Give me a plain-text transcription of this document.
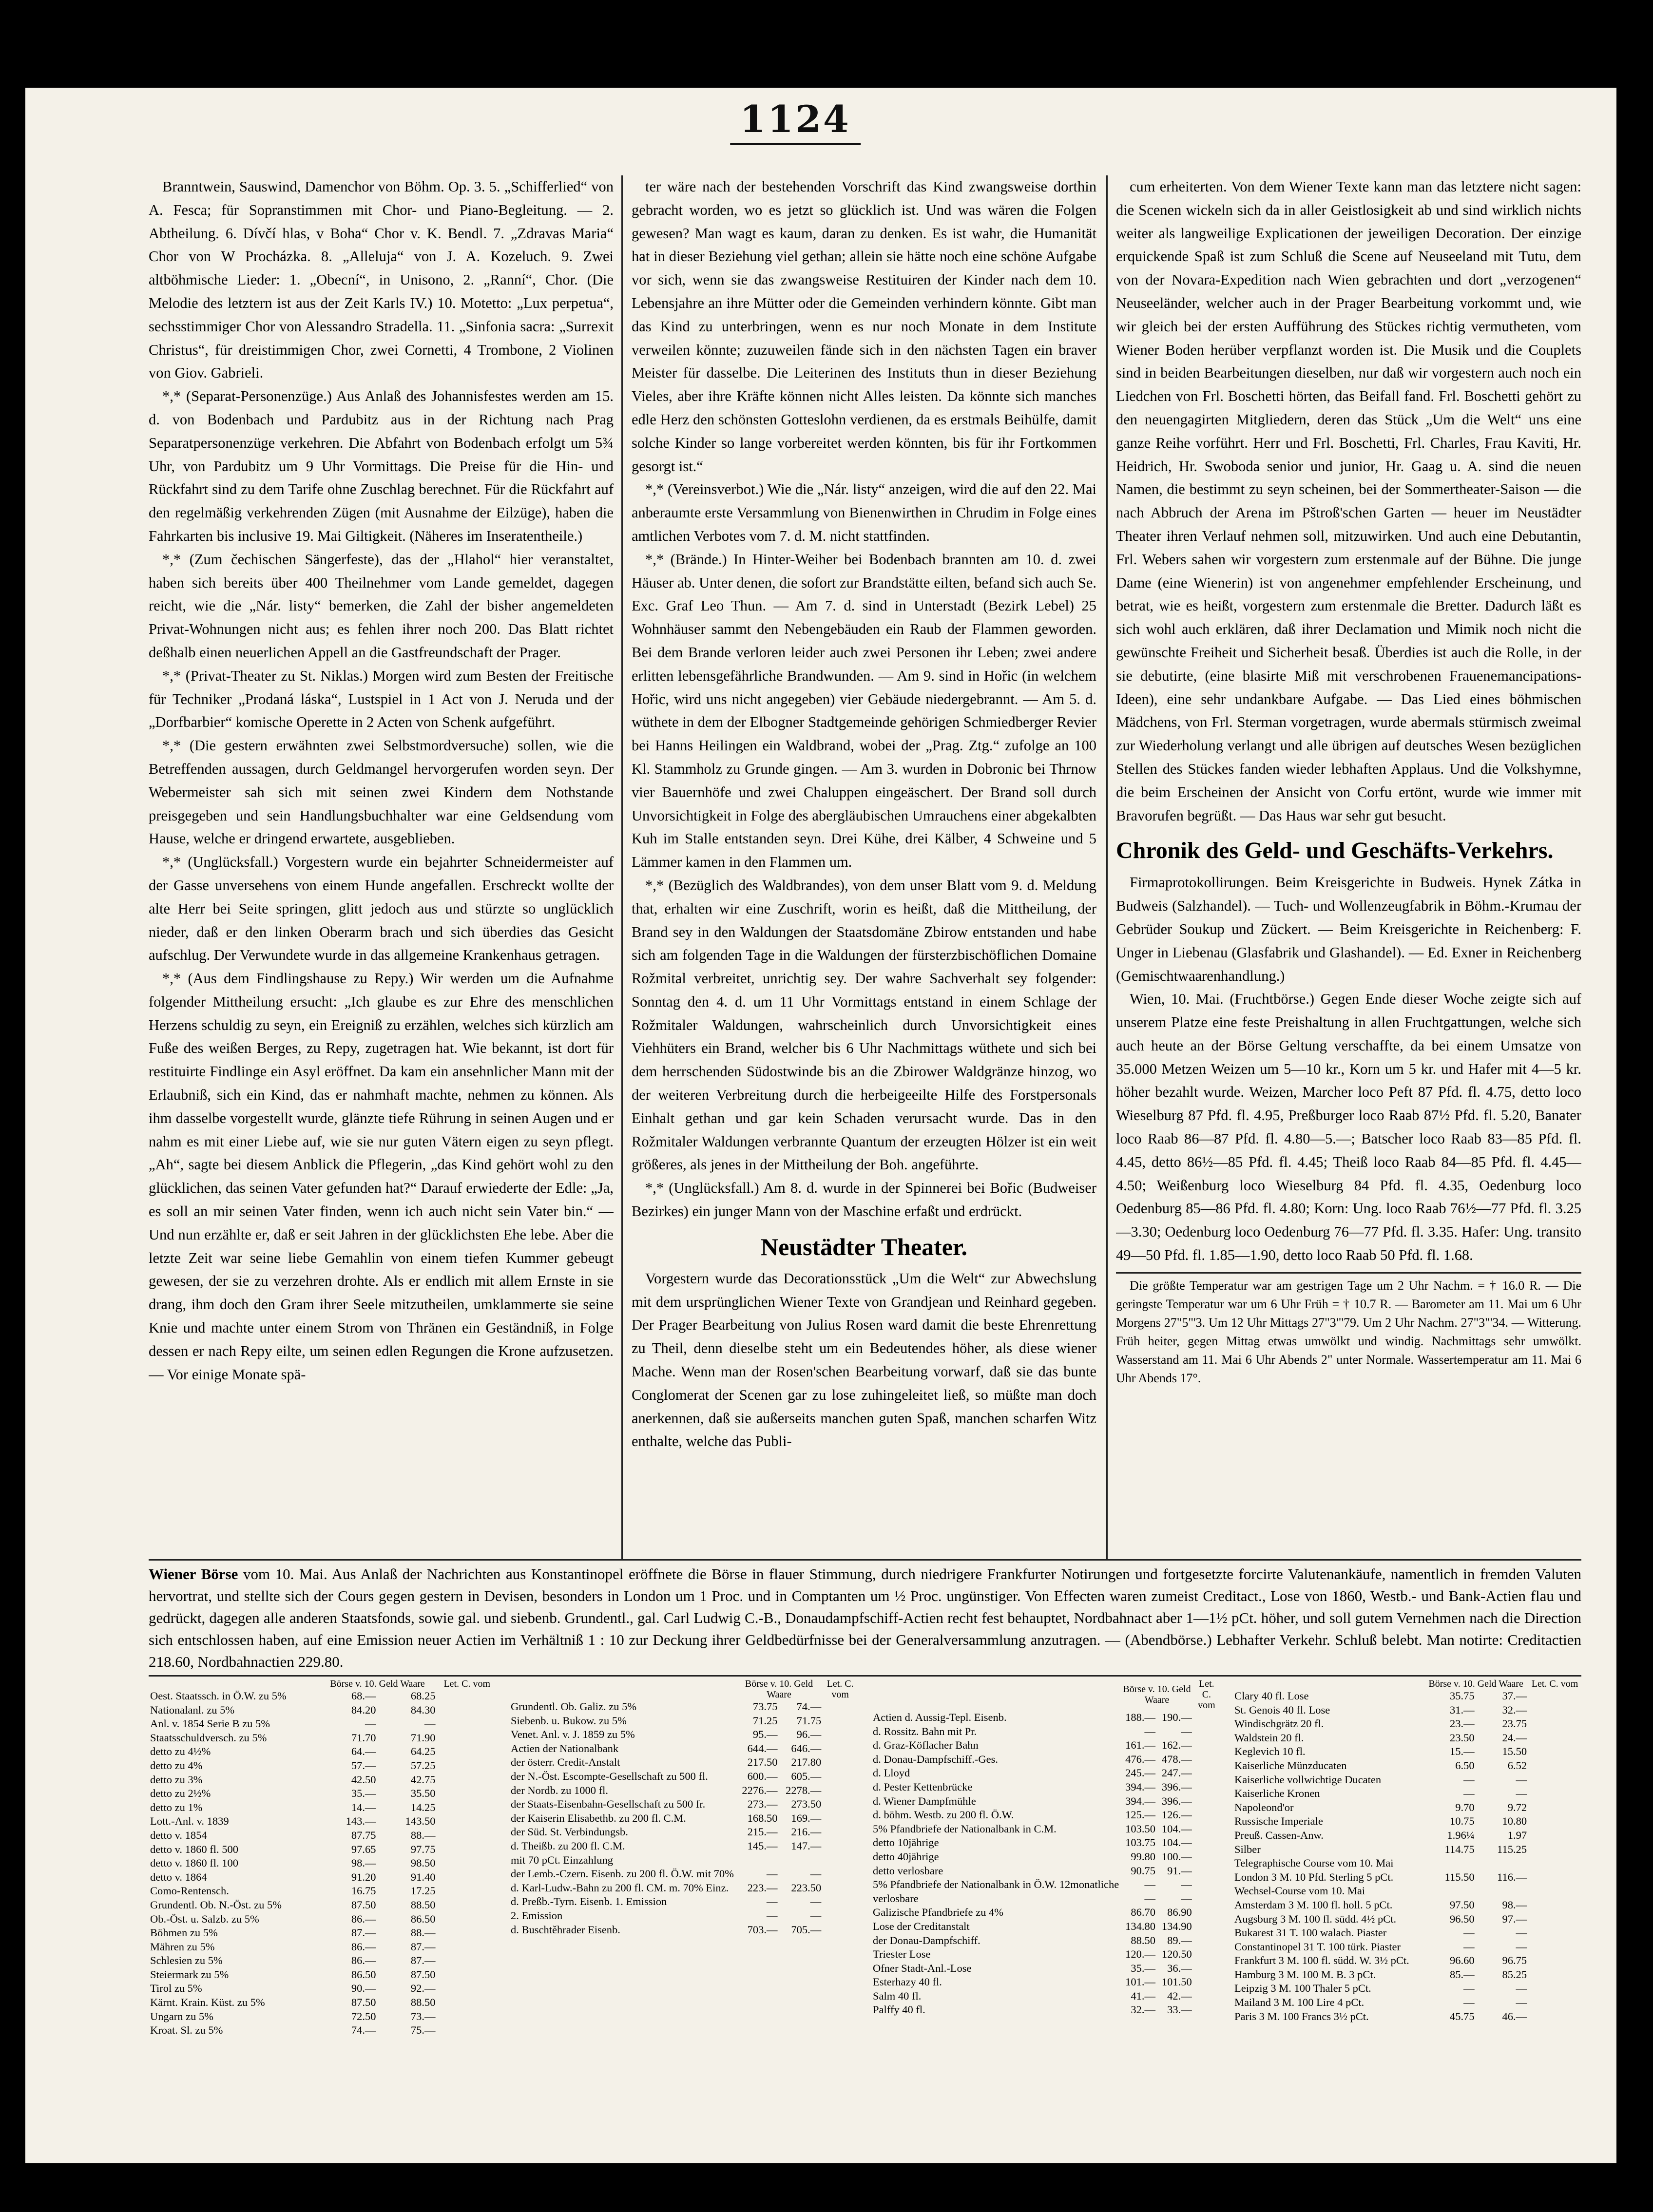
1124

Branntwein, Sauswind, Damenchor von Böhm. Op. 3. 5. „Schifferlied“ von A. Fesca; für Sopranstimmen mit Chor- und Piano-Begleitung. — 2. Abtheilung. 6. Dívčí hlas, v Boha“ Chor v. K. Bendl. 7. „Zdravas Maria“ Chor von W Procházka. 8. „Alleluja“ von J. A. Kozeluch. 9. Zwei altböhmische Lieder: 1. „Obecní“, in Unisono, 2. „Ranní“, Chor. (Die Melodie des letztern ist aus der Zeit Karls IV.) 10. Motetto: „Lux perpetua“, sechsstimmiger Chor von Alessandro Stradella. 11. „Sinfonia sacra: „Surrexit Christus“, für dreistimmigen Chor, zwei Cornetti, 4 Trombone, 2 Violinen von Giov. Gabrieli.

*,* (Separat-Personenzüge.) Aus Anlaß des Johannisfestes werden am 15. d. von Bodenbach und Pardubitz aus in der Richtung nach Prag Separatpersonenzüge verkehren. Die Abfahrt von Bodenbach erfolgt um 5¾ Uhr, von Pardubitz um 9 Uhr Vormittags. Die Preise für die Hin- und Rückfahrt sind zu dem Tarife ohne Zuschlag berechnet. Für die Rückfahrt auf den regelmäßig verkehrenden Zügen (mit Ausnahme der Eilzüge), haben die Fahrkarten bis inclusive 19. Mai Giltigkeit. (Näheres im Inseratentheile.)

*,* (Zum čechischen Sängerfeste), das der „Hlahol“ hier veranstaltet, haben sich bereits über 400 Theilnehmer vom Lande gemeldet, dagegen reicht, wie die „Nár. listy“ bemerken, die Zahl der bisher angemeldeten Privat-Wohnungen nicht aus; es fehlen ihrer noch 200. Das Blatt richtet deßhalb einen neuerlichen Appell an die Gastfreundschaft der Prager.

*,* (Privat-Theater zu St. Niklas.) Morgen wird zum Besten der Freitische für Techniker „Prodaná láska“, Lustspiel in 1 Act von J. Neruda und der „Dorfbarbier“ komische Operette in 2 Acten von Schenk aufgeführt.

*,* (Die gestern erwähnten zwei Selbstmordversuche) sollen, wie die Betreffenden aussagen, durch Geldmangel hervorgerufen worden seyn. Der Webermeister sah sich mit seinen zwei Kindern dem Nothstande preisgegeben und sein Handlungsbuchhalter war eine Geldsendung vom Hause, welche er dringend erwartete, ausgeblieben.

*,* (Unglücksfall.) Vorgestern wurde ein bejahrter Schneidermeister auf der Gasse unversehens von einem Hunde angefallen. Erschreckt wollte der alte Herr bei Seite springen, glitt jedoch aus und stürzte so unglücklich nieder, daß er den linken Oberarm brach und sich überdies das Gesicht aufschlug. Der Verwundete wurde in das allgemeine Krankenhaus getragen.

*,* (Aus dem Findlingshause zu Repy.) Wir werden um die Aufnahme folgender Mittheilung ersucht: „Ich glaube es zur Ehre des menschlichen Herzens schuldig zu seyn, ein Ereigniß zu erzählen, welches sich kürzlich am Fuße des weißen Berges, zu Repy, zugetragen hat. Wie bekannt, ist dort für restituirte Findlinge ein Asyl eröffnet. Da kam ein ansehnlicher Mann mit der Erlaubniß, sich ein Kind, das er nahmhaft machte, nehmen zu können. Als ihm dasselbe vorgestellt wurde, glänzte tiefe Rührung in seinen Augen und er nahm es mit einer Liebe auf, wie sie nur guten Vätern eigen zu seyn pflegt. „Ah“, sagte bei diesem Anblick die Pflegerin, „das Kind gehört wohl zu den glücklichen, das seinen Vater gefunden hat?“ Darauf erwiederte der Edle: „Ja, es soll an mir seinen Vater finden, wenn ich auch nicht sein Vater bin.“ — Und nun erzählte er, daß er seit Jahren in der glücklichsten Ehe lebe. Aber die letzte Zeit war seine liebe Gemahlin von einem tiefen Kummer gebeugt gewesen, der sie zu verzehren drohte. Als er endlich mit allem Ernste in sie drang, ihm doch den Gram ihrer Seele mitzutheilen, umklammerte sie seine Knie und machte unter einem Strom von Thränen ein Geständniß, in Folge dessen er nach Repy eilte, um seinen edlen Regungen die Krone aufzusetzen. — Vor einige Monate spä-

ter wäre nach der bestehenden Vorschrift das Kind zwangsweise dorthin gebracht worden, wo es jetzt so glücklich ist. Und was wären die Folgen gewesen? Man wagt es kaum, daran zu denken. Es ist wahr, die Humanität hat in dieser Beziehung viel gethan; allein sie hätte noch eine schöne Aufgabe vor sich, wenn sie das zwangsweise Restituiren der Kinder nach dem 10. Lebensjahre an ihre Mütter oder die Gemeinden verhindern könnte. Gibt man das Kind zu unterbringen, wenn es nur noch Monate in dem Institute verweilen könnte; zuzuweilen fände sich in den nächsten Tagen ein braver Meister für dasselbe. Die Leiterinen des Instituts thun in dieser Beziehung Vieles, aber ihre Kräfte können nicht Alles leisten. Da könnte sich manches edle Herz den schönsten Gotteslohn verdienen, da es erstmals Beihülfe, damit solche Kinder so lange vorbereitet werden könnten, bis für ihr Fortkommen gesorgt ist.“

*,* (Vereinsverbot.) Wie die „Nár. listy“ anzeigen, wird die auf den 22. Mai anberaumte erste Versammlung von Bienenwirthen in Chrudim in Folge eines amtlichen Verbotes vom 7. d. M. nicht stattfinden.

*,* (Brände.) In Hinter-Weiher bei Bodenbach brannten am 10. d. zwei Häuser ab. Unter denen, die sofort zur Brandstätte eilten, befand sich auch Se. Exc. Graf Leo Thun. — Am 7. d. sind in Unterstadt (Bezirk Lebel) 25 Wohnhäuser sammt den Nebengebäuden ein Raub der Flammen geworden. Bei dem Brande verloren leider auch zwei Personen ihr Leben; zwei andere erlitten lebensgefährliche Brandwunden. — Am 9. sind in Hořic (in welchem Hořic, wird uns nicht angegeben) vier Gebäude niedergebrannt. — Am 5. d. wüthete in dem der Elbogner Stadtgemeinde gehörigen Schmiedberger Revier bei Hanns Heilingen ein Waldbrand, wobei der „Prag. Ztg.“ zufolge an 100 Kl. Stammholz zu Grunde gingen. — Am 3. wurden in Dobronic bei Thrnow vier Bauernhöfe und zwei Chaluppen eingeäschert. Der Brand soll durch Unvorsichtigkeit in Folge des abergläubischen Umrauchens einer abgekalbten Kuh im Stalle entstanden seyn. Drei Kühe, drei Kälber, 4 Schweine und 5 Lämmer kamen in den Flammen um.

*,* (Bezüglich des Waldbrandes), von dem unser Blatt vom 9. d. Meldung that, erhalten wir eine Zuschrift, worin es heißt, daß die Mittheilung, der Brand sey in den Waldungen der Staatsdomäne Zbirow entstanden und habe sich am folgenden Tage in die Waldungen der fürsterzbischöflichen Domaine Rožmital verbreitet, unrichtig sey. Der wahre Sachverhalt sey folgender: Sonntag den 4. d. um 11 Uhr Vormittags entstand in einem Schlage der Rožmitaler Waldungen, wahrscheinlich durch Unvorsichtigkeit eines Viehhüters ein Brand, welcher bis 6 Uhr Nachmittags wüthete und sich bei dem herrschenden Südostwinde bis an die Zbirower Waldgränze hinzog, wo der weiteren Verbreitung durch die herbeigeeilte Hilfe des Forstpersonals Einhalt gethan und gar kein Schaden verursacht wurde. Das in den Rožmitaler Waldungen verbrannte Quantum der erzeugten Hölzer ist ein weit größeres, als jenes in der Mittheilung der Boh. angeführte.

*,* (Unglücksfall.) Am 8. d. wurde in der Spinnerei bei Bořic (Budweiser Bezirkes) ein junger Mann von der Maschine erfaßt und erdrückt.

Neustädter Theater.

Vorgestern wurde das Decorationsstück „Um die Welt“ zur Abwechslung mit dem ursprünglichen Wiener Texte von Grandjean und Reinhard gegeben. Der Prager Bearbeitung von Julius Rosen ward damit die beste Ehrenrettung zu Theil, denn dieselbe steht um ein Bedeutendes höher, als diese wiener Mache. Wenn man der Rosen'schen Bearbeitung vorwarf, daß sie das bunte Conglomerat der Scenen gar zu lose zuhingeleitet ließ, so müßte man doch anerkennen, daß sie außerseits manchen guten Spaß, manchen scharfen Witz enthalte, welche das Publi-

cum erheiterten. Von dem Wiener Texte kann man das letztere nicht sagen: die Scenen wickeln sich da in aller Geistlosigkeit ab und sind wirklich nichts weiter als langweilige Explicationen der jeweiligen Decoration. Der einzige erquickende Spaß ist zum Schluß die Scene auf Neuseeland mit Tutu, dem von der Novara-Expedition nach Wien gebrachten und dort „verzogenen“ Neuseeländer, welcher auch in der Prager Bearbeitung vorkommt und, wie wir gleich bei der ersten Aufführung des Stückes richtig vermutheten, vom Wiener Boden herüber verpflanzt worden ist. Die Musik und die Couplets sind in beiden Bearbeitungen dieselben, nur daß wir vorgestern auch noch ein Liedchen von Frl. Boschetti hörten, das Beifall fand. Frl. Boschetti gehört zu den neuengagirten Mitgliedern, deren das Stück „Um die Welt“ uns eine ganze Reihe vorführt. Herr und Frl. Boschetti, Frl. Charles, Frau Kaviti, Hr. Heidrich, Hr. Swoboda senior und junior, Hr. Gaag u. A. sind die neuen Namen, die bestimmt zu seyn scheinen, bei der Sommertheater-Saison — die nach Abbruch der Arena im Pštroß'schen Garten — heuer im Neustädter Theater ihren Verlauf nehmen soll, mitzuwirken. Und auch eine Debutantin, Frl. Webers sahen wir vorgestern zum erstenmale auf der Bühne. Die junge Dame (eine Wienerin) ist von angenehmer empfehlender Erscheinung, und betrat, wie es heißt, vorgestern zum erstenmale die Bretter. Dadurch läßt es sich wohl auch erklären, daß ihrer Declamation und Mimik noch nicht die gewünschte Freiheit und Sicherheit besaß. Überdies ist auch die Rolle, in der sie debutirte, (eine blasirte Miß mit verschrobenen Frauenemancipations-Ideen), eine sehr undankbare Aufgabe. — Das Lied eines böhmischen Mädchens, von Frl. Sterman vorgetragen, wurde abermals stürmisch zweimal zur Wiederholung verlangt und alle übrigen auf deutsches Wesen bezüglichen Stellen des Stückes fanden wieder lebhaften Applaus. Und die Volkshymne, die beim Erscheinen der Ansicht von Corfu ertönt, wurde wie immer mit Bravorufen begrüßt. — Das Haus war sehr gut besucht.

Chronik des Geld- und Geschäfts-Verkehrs.

Firmaprotokollirungen. Beim Kreisgerichte in Budweis. Hynek Zátka in Budweis (Salzhandel). — Tuch- und Wollenzeugfabrik in Böhm.-Krumau der Gebrüder Soukup und Zückert. — Beim Kreisgerichte in Reichenberg: F. Unger in Liebenau (Glasfabrik und Glashandel). — Ed. Exner in Reichenberg (Gemischtwaarenhandlung.)

Wien, 10. Mai. (Fruchtbörse.) Gegen Ende dieser Woche zeigte sich auf unserem Platze eine feste Preishaltung in allen Fruchtgattungen, welche sich auch heute an der Börse Geltung verschaffte, da bei einem Umsatze von 35.000 Metzen Weizen um 5—10 kr., Korn um 5 kr. und Hafer mit 4—5 kr. höher bezahlt wurde. Weizen, Marcher loco Peft 87 Pfd. fl. 4.75, detto loco Wieselburg 87 Pfd. fl. 4.95, Preßburger loco Raab 87½ Pfd. fl. 5.20, Banater loco Raab 86—87 Pfd. fl. 4.80—5.—; Batscher loco Raab 83—85 Pfd. fl. 4.45, detto 86½—85 Pfd. fl. 4.45; Theiß loco Raab 84—85 Pfd. fl. 4.45—4.50; Weißenburg loco Wieselburg 84 Pfd. fl. 4.35, Oedenburg loco Oedenburg 85—86 Pfd. fl. 4.80; Korn: Ung. loco Raab 76½—77 Pfd. fl. 3.25—3.30; Oedenburg loco Oedenburg 76—77 Pfd. fl. 3.35. Hafer: Ung. transito 49—50 Pfd. fl. 1.85—1.90, detto loco Raab 50 Pfd. fl. 1.68.

Die größte Temperatur war am gestrigen Tage um 2 Uhr Nachm. = † 16.0 R. — Die geringste Temperatur war um 6 Uhr Früh = † 10.7 R. — Barometer am 11. Mai um 6 Uhr Morgens 27"5"'3. Um 12 Uhr Mittags 27"3"'79. Um 2 Uhr Nachm. 27"3"'34. — Witterung. Früh heiter, gegen Mittag etwas umwölkt und windig. Nachmittags sehr umwölkt. Wasserstand am 11. Mai 6 Uhr Abends 2" unter Normale. Wassertemperatur am 11. Mai 6 Uhr Abends 17°.

Wiener Börse vom 10. Mai. Aus Anlaß der Nachrichten aus Konstantinopel eröffnete die Börse in flauer Stimmung, durch niedrigere Frankfurter Notirungen und fortgesetzte forcirte Valutenankäufe, namentlich in fremden Valuten hervortrat, und stellte sich der Cours gegen gestern in Devisen, besonders in London um 1 Proc. und in Comptanten um ½ Proc. ungünstiger. Von Effecten waren zumeist Creditact., Lose von 1860, Westb.- und Bank-Actien flau und gedrückt, dagegen alle anderen Staatsfonds, sowie gal. und siebenb. Grundentl., gal. Carl Ludwig C.-B., Donaudampfschiff-Actien recht fest behauptet, Nordbahnact aber 1—1½ pCt. höher, und soll gutem Vernehmen nach die Direction sich entschlossen haben, auf eine Emission neuer Actien im Verhältniß 1 : 10 zur Deckung ihrer Geldbedürfnisse bei der Generalversammlung anzutragen. — (Abendbörse.) Lebhafter Verkehr. Schluß belebt. Man notirte: Creditactien 218.60, Nordbahnactien 229.80.
	Börse v. 10. Geld Waare		Let. C. vom
Oest. Staatssch. in Ö.W. zu 5%	68.—	68.25	
Nationalanl. zu 5%	84.20	84.30	
Anl. v. 1854 Serie B zu 5%	—	—	
Staatsschuldversch. zu 5%	71.70	71.90	
detto zu 4½%	64.—	64.25	
detto zu 4%	57.—	57.25	
detto zu 3%	42.50	42.75	
detto zu 2½%	35.—	35.50	
detto zu 1%	14.—	14.25	
Lott.-Anl. v. 1839	143.—	143.50	
detto v. 1854	87.75	88.—	
detto v. 1860 fl. 500	97.65	97.75	
detto v. 1860 fl. 100	98.—	98.50	
detto v. 1864	91.20	91.40	
Como-Rentensch.	16.75	17.25	

Grundentl. Ob. N.-Öst. zu 5%	87.50	88.50	
Ob.-Öst. u. Salzb. zu 5%	86.—	86.50	
Böhmen zu 5%	87.—	88.—	
Mähren zu 5%	86.—	87.—	
Schlesien zu 5%	86.—	87.—	
Steiermark zu 5%	86.50	87.50	
Tirol zu 5%	90.—	92.—	
Kärnt. Krain. Küst. zu 5%	87.50	88.50	
Ungarn zu 5%	72.50	73.—	
Kroat. Sl. zu 5%	74.—	75.—	
	Börse v. 10. Geld Waare		Let. C. vom
Grundentl. Ob. Galiz. zu 5%	73.75	74.—	
Siebenb. u. Bukow. zu 5%	71.25	71.75	
Venet. Anl. v. J. 1859 zu 5%	95.—	96.—	

Actien der Nationalbank	644.—	646.—	
der österr. Credit-Anstalt	217.50	217.80	
der N.-Öst. Escompte-Gesellschaft zu 500 fl.	600.—	605.—	
der Nordb. zu 1000 fl.	2276.—	2278.—	
der Staats-Eisenbahn-Gesellschaft zu 500 fr.	273.—	273.50	
der Kaiserin Elisabethb. zu 200 fl. C.M.	168.50	169.—	
der Süd. St. Verbindungsb.	215.—	216.—	
d. Theißb. zu 200 fl. C.M.	145.—	147.—	
mit 70 pCt. Einzahlung			
der Lemb.-Czern. Eisenb. zu 200 fl. Ö.W. mit 70%	—	—	
d. Karl-Ludw.-Bahn zu 200 fl. CM. m. 70% Einz.	223.—	223.50	
d. Preßb.-Tyrn. Eisenb. 1. Emission	—	—	
2. Emission	—	—	
d. Buschtěhrader Eisenb.	703.—	705.—	
	Börse v. 10. Geld Waare		Let. C. vom
Actien d. Aussig-Tepl. Eisenb.	188.—	190.—	
d. Rossitz. Bahn mit Pr.	—	—	
d. Graz-Köflacher Bahn	161.—	162.—	
d. Donau-Dampfschiff.-Ges.	476.—	478.—	
d. Lloyd	245.—	247.—	
d. Pester Kettenbrücke	394.—	396.—	
d. Wiener Dampfmühle	394.—	396.—	
d. böhm. Westb. zu 200 fl. Ö.W.	125.—	126.—	
5% Pfandbriefe der Nationalbank in C.M.	103.50	104.—	
detto 10jährige	103.75	104.—	
detto 40jährige	99.80	100.—	
detto verlosbare	90.75	91.—	
5% Pfandbriefe der Nationalbank in Ö.W. 12monatliche	—	—	
verlosbare	—	—	
Galizische Pfandbriefe zu 4%	86.70	86.90	
Lose der Creditanstalt	134.80	134.90	
der Donau-Dampfschiff.	88.50	89.—	
Triester Lose	120.—	120.50	
Ofner Stadt-Anl.-Lose	35.—	36.—	
Esterhazy 40 fl.	101.—	101.50	
Salm 40 fl.	41.—	42.—	
Palffy 40 fl.	32.—	33.—	
	Börse v. 10. Geld Waare		Let. C. vom
Clary 40 fl. Lose	35.75	37.—	
St. Genois 40 fl. Lose	31.—	32.—	
Windischgrätz 20 fl.	23.—	23.75	
Waldstein 20 fl.	23.50	24.—	
Keglevich 10 fl.	15.—	15.50	
Kaiserliche Münzducaten	6.50	6.52	
Kaiserliche vollwichtige Ducaten	—	—	
Kaiserliche Kronen	—	—	
Napoleond'or	9.70	9.72	
Russische Imperiale	10.75	10.80	
Preuß. Cassen-Anw.	1.96¼	1.97	
Silber	114.75	115.25	
Telegraphische Course vom 10. Mai			
London 3 M. 10 Pfd. Sterling 5 pCt.	115.50	116.—	
Wechsel-Course vom 10. Mai			
Amsterdam 3 M. 100 fl. holl. 5 pCt.	97.50	98.—	
Augsburg 3 M. 100 fl. südd. 4½ pCt.	96.50	97.—	
Bukarest 31 T. 100 walach. Piaster	—	—	
Constantinopel 31 T. 100 türk. Piaster	—	—	
Frankfurt 3 M. 100 fl. südd. W. 3½ pCt.	96.60	96.75	
Hamburg 3 M. 100 M. B. 3 pCt.	85.—	85.25	
Leipzig 3 M. 100 Thaler 5 pCt.	—	—	
Mailand 3 M. 100 Lire 4 pCt.	—	—	
Paris 3 M. 100 Francs 3½ pCt.	45.75	46.—	
